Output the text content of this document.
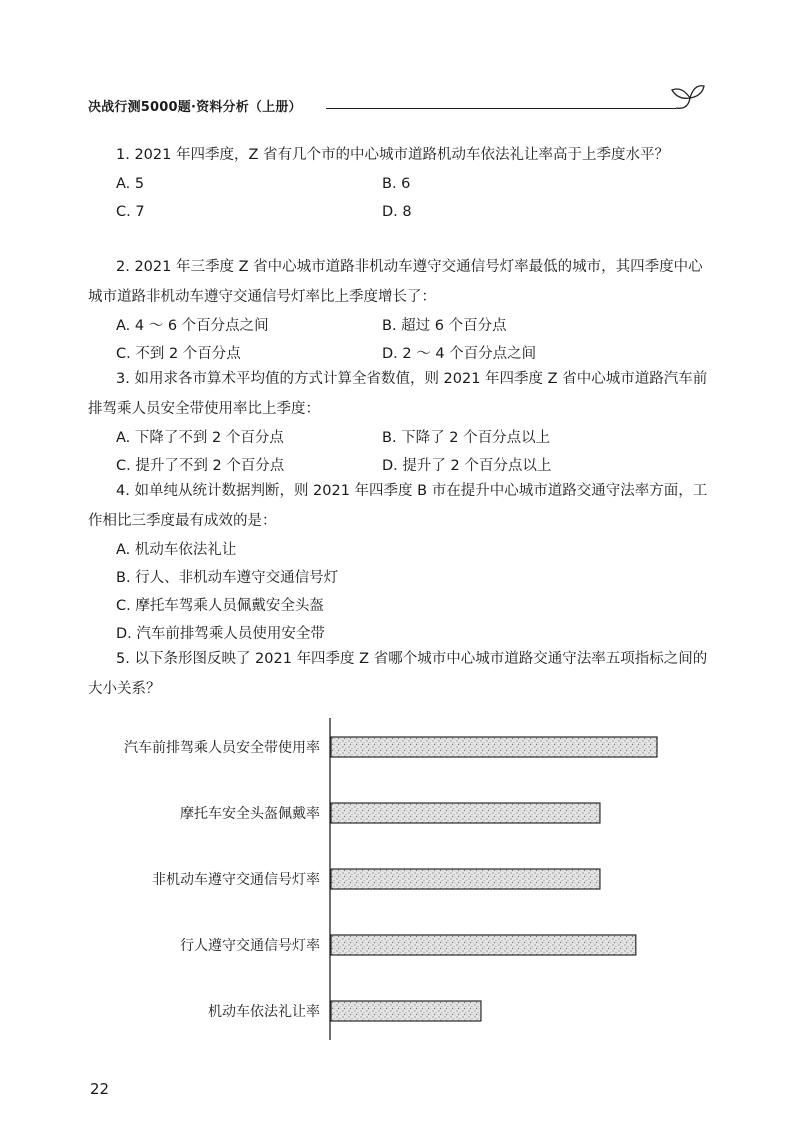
决战行测5000题·资料分析（上册）

1. 2021 年四季度，Z 省有几个市的中心城市道路机动车依法礼让率高于上季度水平？

A. 5	B. 6
C. 7	D. 8

2. 2021 年三季度 Z 省中心城市道路非机动车遵守交通信号灯率最低的城市，其四季度中心城市道路非机动车遵守交通信号灯率比上季度增长了：

A. 4 ～ 6 个百分点之间	B. 超过 6 个百分点
C. 不到 2 个百分点	D. 2 ～ 4 个百分点之间

3. 如用求各市算术平均值的方式计算全省数值，则 2021 年四季度 Z 省中心城市道路汽车前排驾乘人员安全带使用率比上季度：

A. 下降了不到 2 个百分点	B. 下降了 2 个百分点以上
C. 提升了不到 2 个百分点	D. 提升了 2 个百分点以上

4. 如单纯从统计数据判断，则 2021 年四季度 B 市在提升中心城市道路交通守法率方面，工作相比三季度最有成效的是：

A. 机动车依法礼让
B. 行人、非机动车遵守交通信号灯
C. 摩托车驾乘人员佩戴安全头盔
D. 汽车前排驾乘人员使用安全带

5. 以下条形图反映了 2021 年四季度 Z 省哪个城市中心城市道路交通守法率五项指标之间的大小关系？

汽车前排驾乘人员安全带使用率
摩托车安全头盔佩戴率
非机动车遵守交通信号灯率
行人遵守交通信号灯率
机动车依法礼让率
22
